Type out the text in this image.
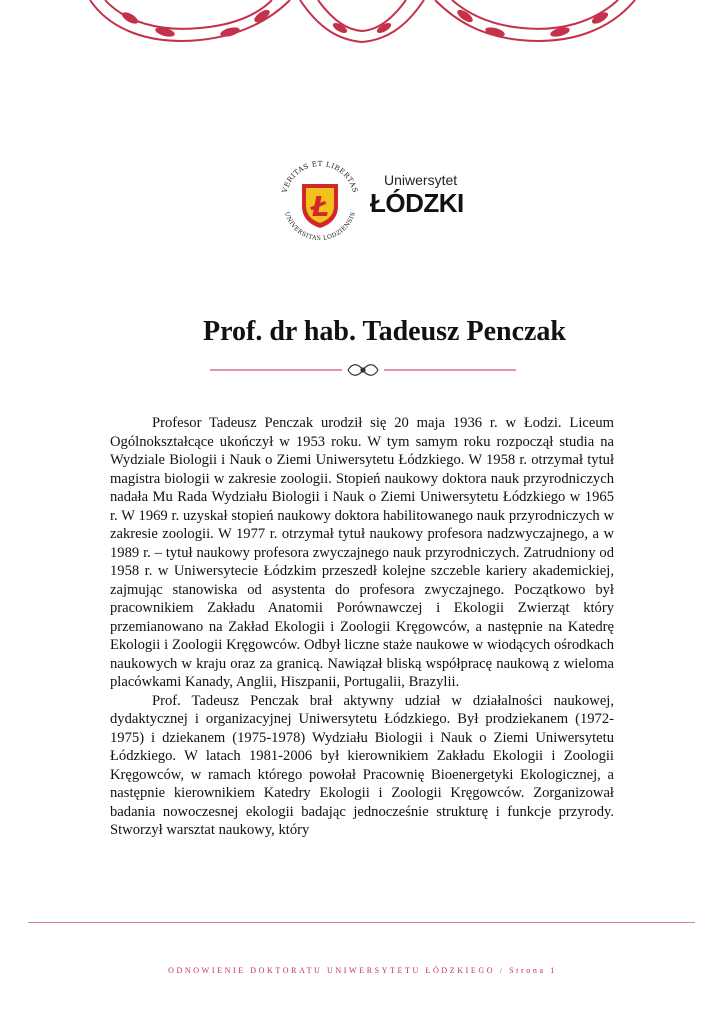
VERITAS ET LIBERTAS
UNIVERSITAS LODZIENSIS
Ł
Uniwersytet
ŁÓDZKI
Prof. dr hab. Tadeusz Penczak

Profesor Tadeusz Penczak urodził się 20 maja 1936 r. w Łodzi. Liceum Ogólnokształcące ukończył w 1953 roku. W tym samym roku rozpoczął studia na Wydziale Biologii i Nauk o Ziemi Uniwersytetu Łódzkiego. W 1958 r. otrzymał tytuł magistra biologii w zakresie zoologii. Stopień naukowy doktora nauk przyrodniczych nadała Mu Rada Wydziału Biologii i Nauk o Ziemi Uniwersytetu Łódzkiego w 1965 r. W 1969 r. uzyskał stopień naukowy doktora habilitowanego nauk przyrodniczych w zakresie zoologii. W 1977 r. otrzymał tytuł naukowy profesora nadzwyczajnego, a w 1989 r. – tytuł naukowy profesora zwyczajnego nauk przyrodniczych. Zatrudniony od 1958 r. w Uniwersytecie Łódzkim przeszedł kolejne szczeble kariery akademickiej, zajmując stanowiska od asystenta do profesora zwyczajnego. Początkowo był pracownikiem Zakładu Anatomii Porównawczej i Ekologii Zwierząt który przemianowano na Zakład Ekologii i Zoologii Kręgowców, a następnie na Katedrę Ekologii i Zoologii Kręgowców. Odbył liczne staże naukowe w wiodących ośrodkach naukowych w kraju oraz za granicą. Nawiązał bliską współpracę naukową z wieloma placówkami Kanady, Anglii, Hiszpanii, Portugalii, Brazylii.

Prof. Tadeusz Penczak brał aktywny udział w działalności naukowej, dydaktycznej i organizacyjnej Uniwersytetu Łódzkiego. Był prodziekanem (1972-1975) i dziekanem (1975-1978) Wydziału Biologii i Nauk o Ziemi Uniwersytetu Łódzkiego. W latach 1981-2006 był kierownikiem Zakładu Ekologii i Zoologii Kręgowców, w ramach którego powołał Pracownię Bioenergetyki Ekologicznej, a następnie kierownikiem Katedry Ekologii i Zoologii Kręgowców. Zorganizował badania nowoczesnej ekologii badając jednocześnie strukturę i funkcje przyrody. Stworzył warsztat naukowy, który

ODNOWIENIE DOKTORATU UNIWERSYTETU ŁÓDZKIEGO / Strona 1
